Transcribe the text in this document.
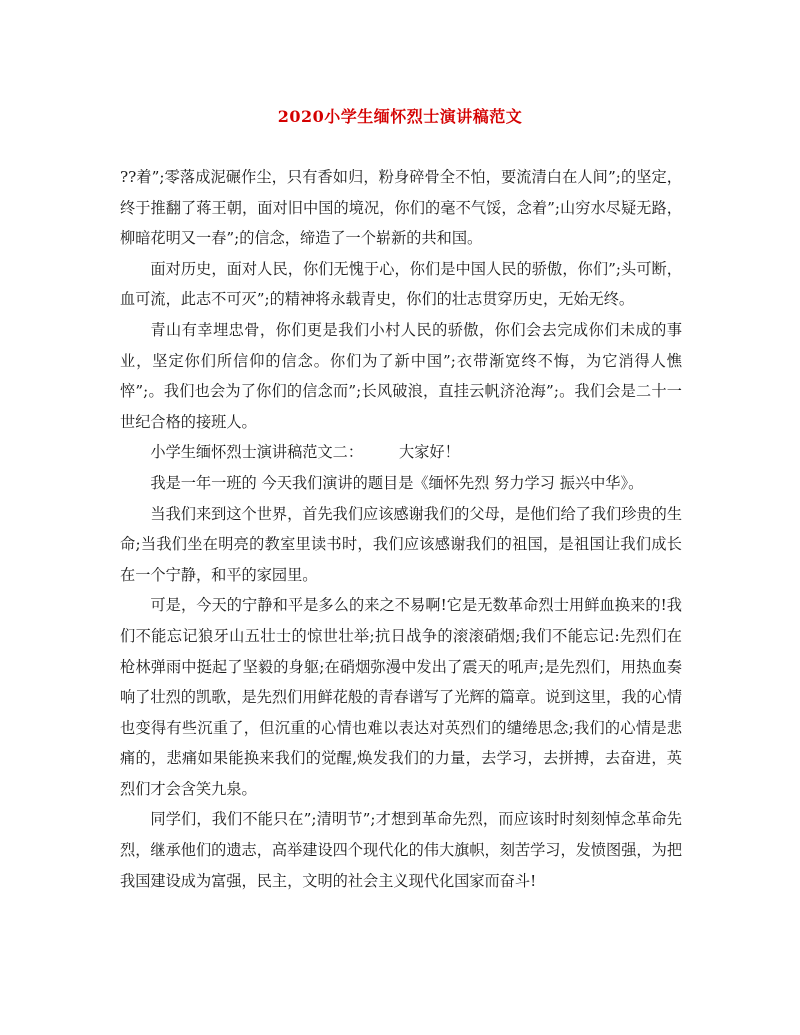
2020小学生缅怀烈士演讲稿范文

??着”;零落成泥碾作尘，只有香如归，粉身碎骨全不怕，要流清白在人间”;的坚定，终于推翻了蒋王朝，面对旧中国的境况，你们的毫不气馁，念着”;山穷水尽疑无路，柳暗花明又一春”;的信念，缔造了一个崭新的共和国。

面对历史，面对人民，你们无愧于心，你们是中国人民的骄傲，你们”;头可断，血可流，此志不可灭”;的精神将永载青史，你们的壮志贯穿历史，无始无终。

青山有幸埋忠骨，你们更是我们小村人民的骄傲，你们会去完成你们未成的事业，坚定你们所信仰的信念。你们为了新中国”;衣带渐宽终不悔，为它消得人憔悴”;。我们也会为了你们的信念而”;长风破浪，直挂云帆济沧海”;。我们会是二十一世纪合格的接班人。

小学生缅怀烈士演讲稿范文二： 大家好！

我是一年一班的 今天我们演讲的题目是《缅怀先烈 努力学习 振兴中华》。

当我们来到这个世界，首先我们应该感谢我们的父母，是他们给了我们珍贵的生命;当我们坐在明亮的教室里读书时，我们应该感谢我们的祖国，是祖国让我们成长在一个宁静，和平的家园里。

可是，今天的宁静和平是多么的来之不易啊!它是无数革命烈士用鲜血换来的!我们不能忘记狼牙山五壮士的惊世壮举;抗日战争的滚滚硝烟;我们不能忘记:先烈们在枪林弹雨中挺起了坚毅的身躯;在硝烟弥漫中发出了震天的吼声;是先烈们，用热血奏响了壮烈的凯歌，是先烈们用鲜花般的青春谱写了光辉的篇章。说到这里，我的心情也变得有些沉重了，但沉重的心情也难以表达对英烈们的缱绻思念;我们的心情是悲痛的，悲痛如果能换来我们的觉醒,焕发我们的力量，去学习，去拼搏，去奋进，英烈们才会含笑九泉。

同学们，我们不能只在”;清明节”;才想到革命先烈，而应该时时刻刻悼念革命先烈，继承他们的遗志，高举建设四个现代化的伟大旗帜，刻苦学习，发愤图强，为把我国建设成为富强，民主，文明的社会主义现代化国家而奋斗!
